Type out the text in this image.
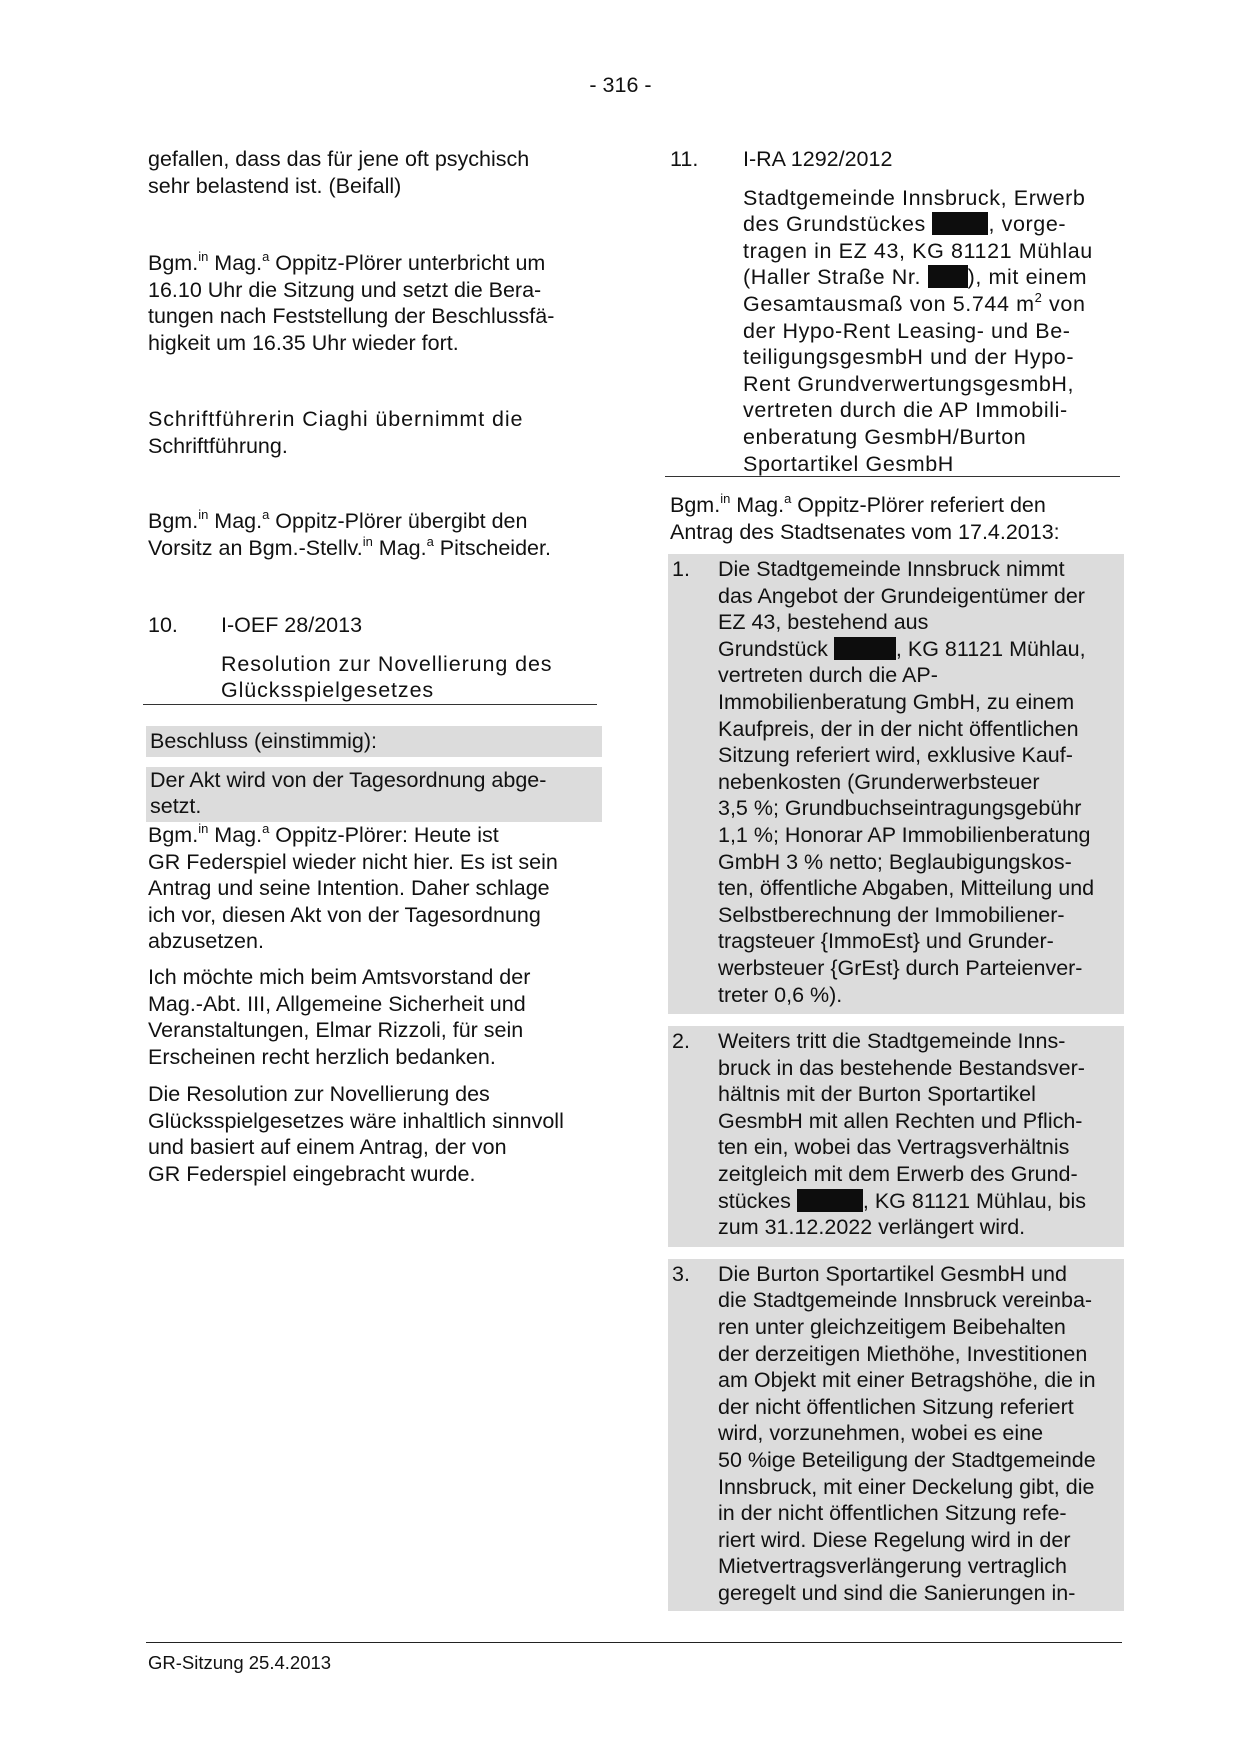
- 316 -
gefallen, dass das für jene oft psychisch
sehr belastend ist. (Beifall)
Bgm.$^{in}$ Mag.$^a$ Oppitz-Plörer unterbricht um
16.10 Uhr die Sitzung und setzt die Bera-
tungen nach Feststellung der Beschlussfä-
higkeit um 16.35 Uhr wieder fort.
Schriftführerin Ciaghi übernimmt die
Schriftführung.
Bgm.$^{in}$ Mag.$^a$ Oppitz-Plörer übergibt den
Vorsitz an Bgm.-Stellv.$^{in}$ Mag.$^a$ Pitscheider.
10.	I-OEF 28/2013
Resolution zur Novellierung des
Glücksspielgesetzes
Beschluss (einstimmig):
Der Akt wird von der Tagesordnung abge-
setzt.
Bgm.$^{in}$ Mag.$^a$ Oppitz-Plörer: Heute ist
GR Federspiel wieder nicht hier. Es ist sein
Antrag und seine Intention. Daher schlage
ich vor, diesen Akt von der Tagesordnung
abzusetzen.
Ich möchte mich beim Amtsvorstand der
Mag.-Abt. III, Allgemeine Sicherheit und
Veranstaltungen, Elmar Rizzoli, für sein
Erscheinen recht herzlich bedanken.
Die Resolution zur Novellierung des
Glücksspielgesetzes wäre inhaltlich sinnvoll
und basiert auf einem Antrag, der von
GR Federspiel eingebracht wurde.
11.	I-RA 1292/2012
Stadtgemeinde Innsbruck, Erwerb
des Grundstückes	, vorge-
tragen in EZ 43, KG 81121 Mühlau
(Haller Straße Nr. ), mit einem
Gesamtausmaß von 5.744 $m^2$ von
der Hypo-Rent Leasing- und Be-
teiligungsgesmbH und der Hypo-
Rent GrundverwertungsgesmbH,
vertreten durch die AP Immobili-
enberatung GesmbH/Burton
Sportartikel GesmbH
Bgm.$^{in}$ Mag.$^a$ Oppitz-Plörer referiert den
Antrag des Stadtsenates vom 17.4.2013:
1.	Die Stadtgemeinde Innsbruck nimmt
das Angebot der Grundeigentümer der
EZ 43, bestehend aus
Grundstück	, KG 81121 Mühlau,
vertreten durch die AP-
Immobilienberatung GmbH, zu einem
Kaufpreis, der in der nicht öffentlichen
Sitzung referiert wird, exklusive Kauf-
nebenkosten (Grunderwerbsteuer
3,5 %; Grundbuchseintragungsgebühr
1,1 %; Honorar AP Immobilienberatung
GmbH 3 % netto; Beglaubigungskos-
ten, öffentliche Abgaben, Mitteilung und
Selbstberechnung der Immobiliener-
tragsteuer {ImmoEst} und Grunder-
werbsteuer {GrEst} durch Parteienver-
treter 0,6 %).
2.	Weiters tritt die Stadtgemeinde Inns-
bruck in das bestehende Bestandsver-
hältnis mit der Burton Sportartikel
GesmbH mit allen Rechten und Pflich-
ten ein, wobei das Vertragsverhältnis
zeitgleich mit dem Erwerb des Grund-
stückes	, KG 81121 Mühlau, bis
zum 31.12.2022 verlängert wird.
3.	Die Burton Sportartikel GesmbH und
die Stadtgemeinde Innsbruck vereinba-
ren unter gleichzeitigem Beibehalten
der derzeitigen Miethöhe, Investitionen
am Objekt mit einer Betragshöhe, die in
der nicht öffentlichen Sitzung referiert
wird, vorzunehmen, wobei es eine
50 %ige Beteiligung der Stadtgemeinde
Innsbruck, mit einer Deckelung gibt, die
in der nicht öffentlichen Sitzung refe-
riert wird. Diese Regelung wird in der
Mietvertragsverlängerung vertraglich
geregelt und sind die Sanierungen in-
GR-Sitzung 25.4.2013
